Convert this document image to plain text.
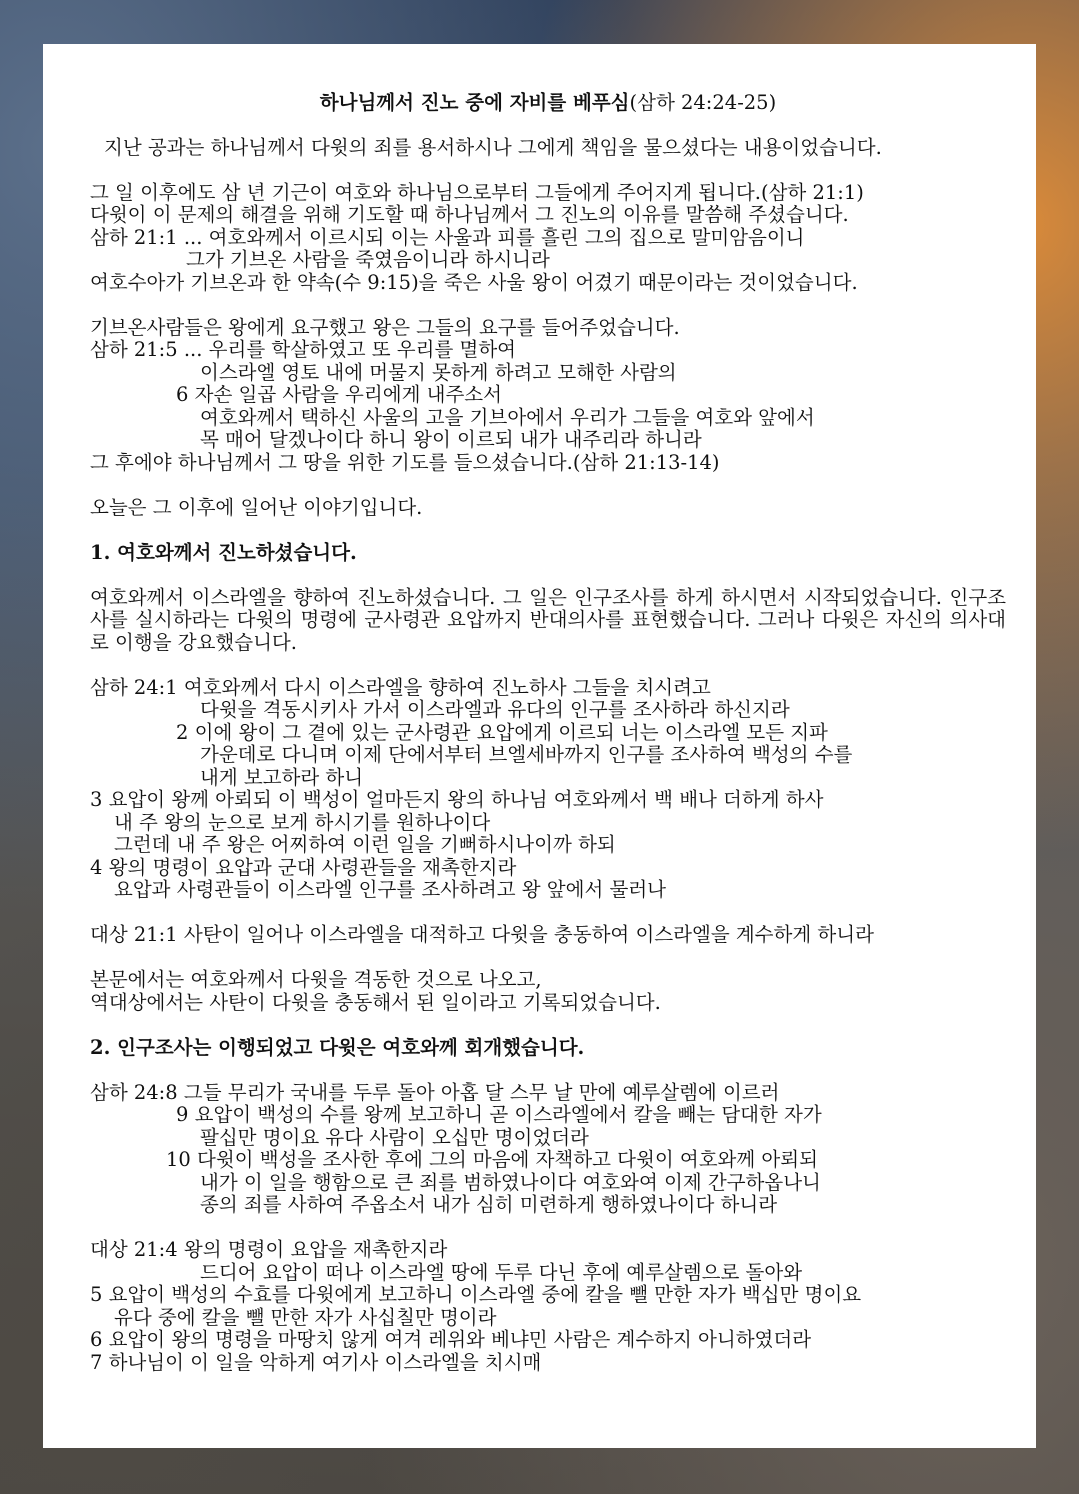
하나님께서 진노 중에 자비를 베푸심(삼하 24:24-25)

지난 공과는 하나님께서 다윗의 죄를 용서하시나 그에게 책임을 물으셨다는 내용이었습니다.

그 일 이후에도 삼 년 기근이 여호와 하나님으로부터 그들에게 주어지게 됩니다.(삼하 21:1)

다윗이 이 문제의 해결을 위해 기도할 때 하나님께서 그 진노의 이유를 말씀해 주셨습니다.

삼하 21:1 ... 여호와께서 이르시되 이는 사울과 피를 흘린 그의 집으로 말미암음이니

그가 기브온 사람을 죽였음이니라 하시니라

여호수아가 기브온과 한 약속(수 9:15)을 죽은 사울 왕이 어겼기 때문이라는 것이었습니다.

기브온사람들은 왕에게 요구했고 왕은 그들의 요구를 들어주었습니다.

삼하 21:5 ... 우리를 학살하였고 또 우리를 멸하여

이스라엘 영토 내에 머물지 못하게 하려고 모해한 사람의

6 자손 일곱 사람을 우리에게 내주소서

여호와께서 택하신 사울의 고을 기브아에서 우리가 그들을 여호와 앞에서

목 매어 달겠나이다 하니 왕이 이르되 내가 내주리라 하니라

그 후에야 하나님께서 그 땅을 위한 기도를 들으셨습니다.(삼하 21:13-14)

오늘은 그 이후에 일어난 이야기입니다.

1. 여호와께서 진노하셨습니다.

여호와께서 이스라엘을 향하여 진노하셨습니다. 그 일은 인구조사를 하게 하시면서 시작되었습니다. 인구조사를 실시하라는 다윗의 명령에 군사령관 요압까지 반대의사를 표현했습니다. 그러나 다윗은 자신의 의사대로 이행을 강요했습니다.

삼하 24:1 여호와께서 다시 이스라엘을 향하여 진노하사 그들을 치시려고

다윗을 격동시키사 가서 이스라엘과 유다의 인구를 조사하라 하신지라

2 이에 왕이 그 곁에 있는 군사령관 요압에게 이르되 너는 이스라엘 모든 지파

가운데로 다니며 이제 단에서부터 브엘세바까지 인구를 조사하여 백성의 수를

내게 보고하라 하니

3 요압이 왕께 아뢰되 이 백성이 얼마든지 왕의 하나님 여호와께서 백 배나 더하게 하사

내 주 왕의 눈으로 보게 하시기를 원하나이다

그런데 내 주 왕은 어찌하여 이런 일을 기뻐하시나이까 하되

4 왕의 명령이 요압과 군대 사령관들을 재촉한지라

요압과 사령관들이 이스라엘 인구를 조사하려고 왕 앞에서 물러나

대상 21:1 사탄이 일어나 이스라엘을 대적하고 다윗을 충동하여 이스라엘을 계수하게 하니라

본문에서는 여호와께서 다윗을 격동한 것으로 나오고,

역대상에서는 사탄이 다윗을 충동해서 된 일이라고 기록되었습니다.

2. 인구조사는 이행되었고 다윗은 여호와께 회개했습니다.

삼하 24:8 그들 무리가 국내를 두루 돌아 아홉 달 스무 날 만에 예루살렘에 이르러

9 요압이 백성의 수를 왕께 보고하니 곧 이스라엘에서 칼을 빼는 담대한 자가

팔십만 명이요 유다 사람이 오십만 명이었더라

10 다윗이 백성을 조사한 후에 그의 마음에 자책하고 다윗이 여호와께 아뢰되

내가 이 일을 행함으로 큰 죄를 범하였나이다 여호와여 이제 간구하옵나니

종의 죄를 사하여 주옵소서 내가 심히 미련하게 행하였나이다 하니라

대상 21:4 왕의 명령이 요압을 재촉한지라

드디어 요압이 떠나 이스라엘 땅에 두루 다닌 후에 예루살렘으로 돌아와

5 요압이 백성의 수효를 다윗에게 보고하니 이스라엘 중에 칼을 뺄 만한 자가 백십만 명이요

유다 중에 칼을 뺄 만한 자가 사십칠만 명이라

6 요압이 왕의 명령을 마땅치 않게 여겨 레위와 베냐민 사람은 계수하지 아니하였더라

7 하나님이 이 일을 악하게 여기사 이스라엘을 치시매
